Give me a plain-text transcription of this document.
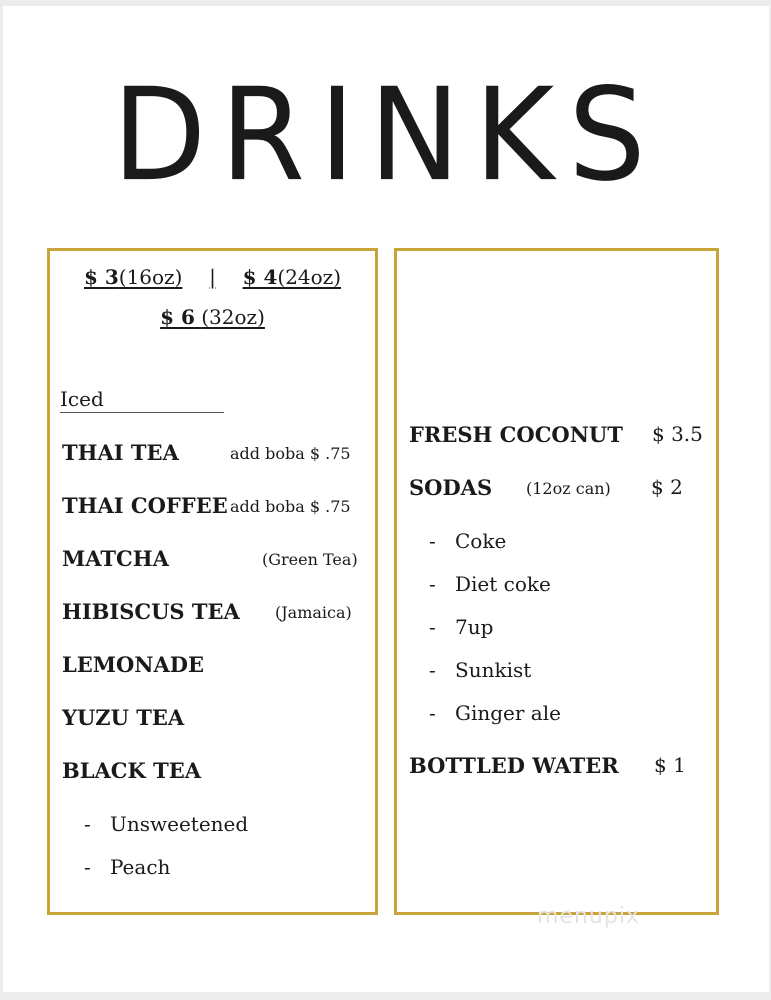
DRINKS
$ 3(16oz) | $ 4(24oz)
$ 6 (32oz)
Iced
THAI TEA	add boba $ .75
THAI COFFEE add boba $ .75
MATCHA	(Green Tea)
HIBISCUS TEA (Jamaica)
LEMONADE
YUZU TEA
BLACK TEA
- Unsweetened
- Peach
FRESH COCONUT $ 3.5
SODAS (12oz can) $ 2
- Coke
- Diet coke
- 7up
- Sunkist
- Ginger ale
BOTTLED WATER $ 1
menupix
